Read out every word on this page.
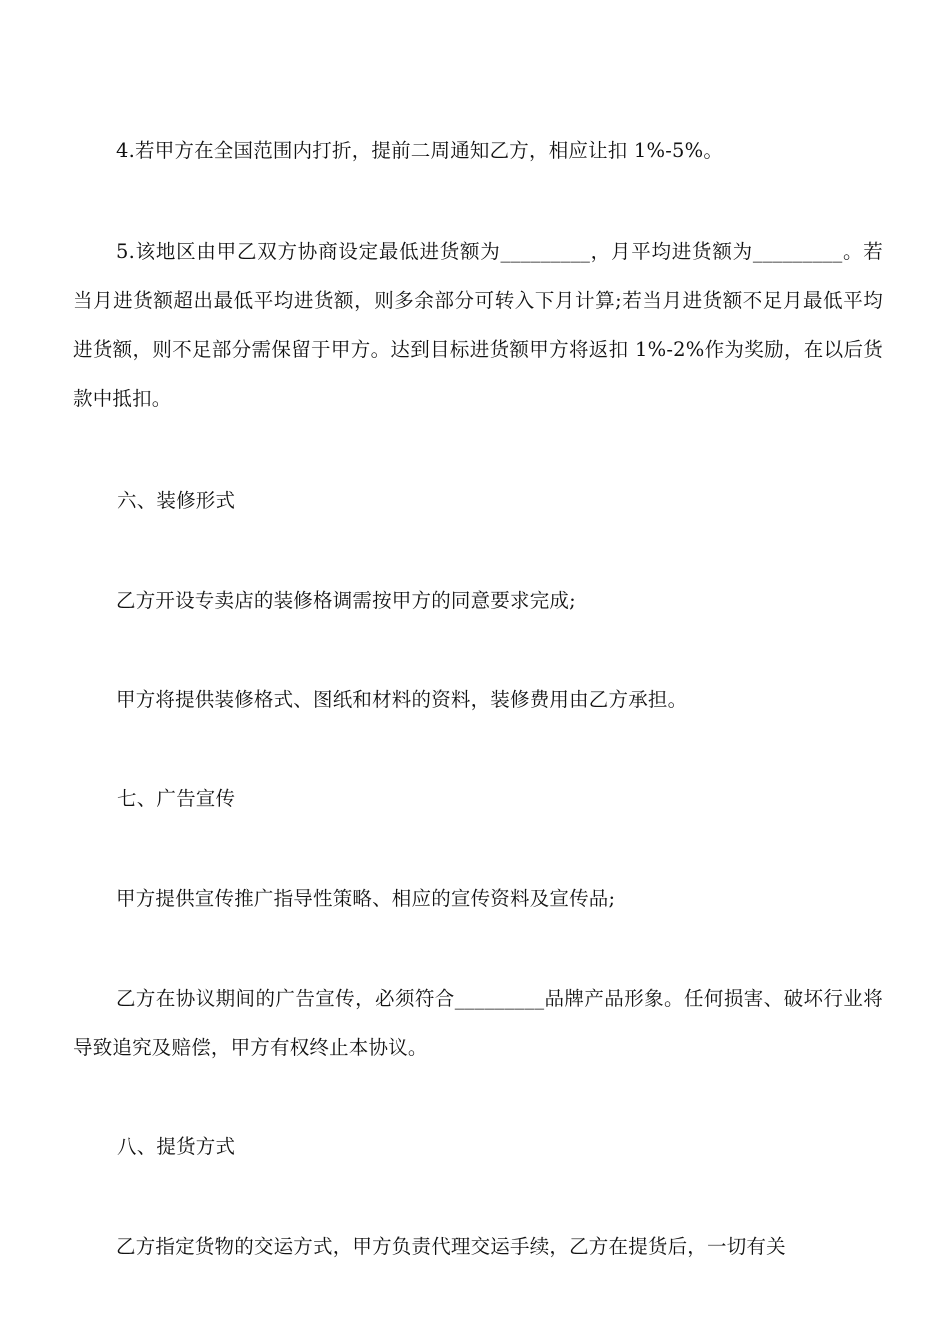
4.若甲方在全国范围内打折，提前二周通知乙方，相应让扣 1%-5%。

5.该地区由甲乙双方协商设定最低进货额为_________，月平均进货额为_________。若当月进货额超出最低平均进货额，则多余部分可转入下月计算;若当月进货额不足月最低平均进货额，则不足部分需保留于甲方。达到目标进货额甲方将返扣 1%-2%作为奖励，在以后货款中抵扣。

六、装修形式

乙方开设专卖店的装修格调需按甲方的同意要求完成;

甲方将提供装修格式、图纸和材料的资料，装修费用由乙方承担。

七、广告宣传

甲方提供宣传推广指导性策略、相应的宣传资料及宣传品;

乙方在协议期间的广告宣传，必须符合_________品牌产品形象。任何损害、破坏行业将导致追究及赔偿，甲方有权终止本协议。

八、提货方式

乙方指定货物的交运方式，甲方负责代理交运手续，乙方在提货后，一切有关
